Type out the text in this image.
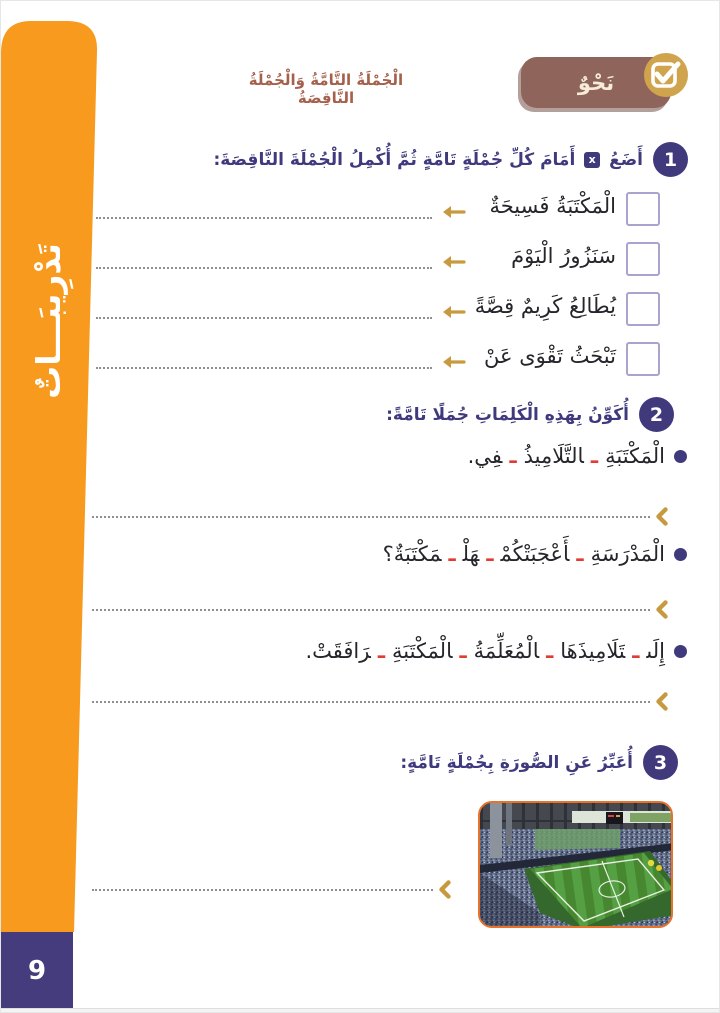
تَدْرِيبَـــاتٌ
9
الْجُمْلَةُ التَّامَّةُ وَالْجُمْلَةُ النَّاقِصَةُ
نَحْوٌ
1
أَضَعُ x أَمَامَ كُلِّ جُمْلَةٍ تَامَّةٍ ثُمَّ أُكْمِلُ الْجُمْلَةَ النَّاقِصَةَ:
الْمَكْتَبَةُ فَسِيحَةٌ
سَنَزُورُ الْيَوْمَ
يُطَالِعُ كَرِيمٌ قِصَّةً
تَبْحَثُ تَقْوَى عَنْ
2
أُكَوِّنُ بِهَذِهِ الْكَلِمَاتِ جُمَلًا تَامَّةً:
الْمَكْتَبَةِـالتَّلَامِيذُـفِي.
الْمَدْرَسَةِـأَعْجَبَتْكُمْـهَلْـمَكْتَبَةٌ؟
إِلَىـتَلَامِيذَهَاـالْمُعَلِّمَةُـالْمَكْتَبَةِـرَافَقَتْ.
3
أُعَبِّرُ عَنِ الصُّورَةِ بِجُمْلَةٍ تَامَّةٍ:
